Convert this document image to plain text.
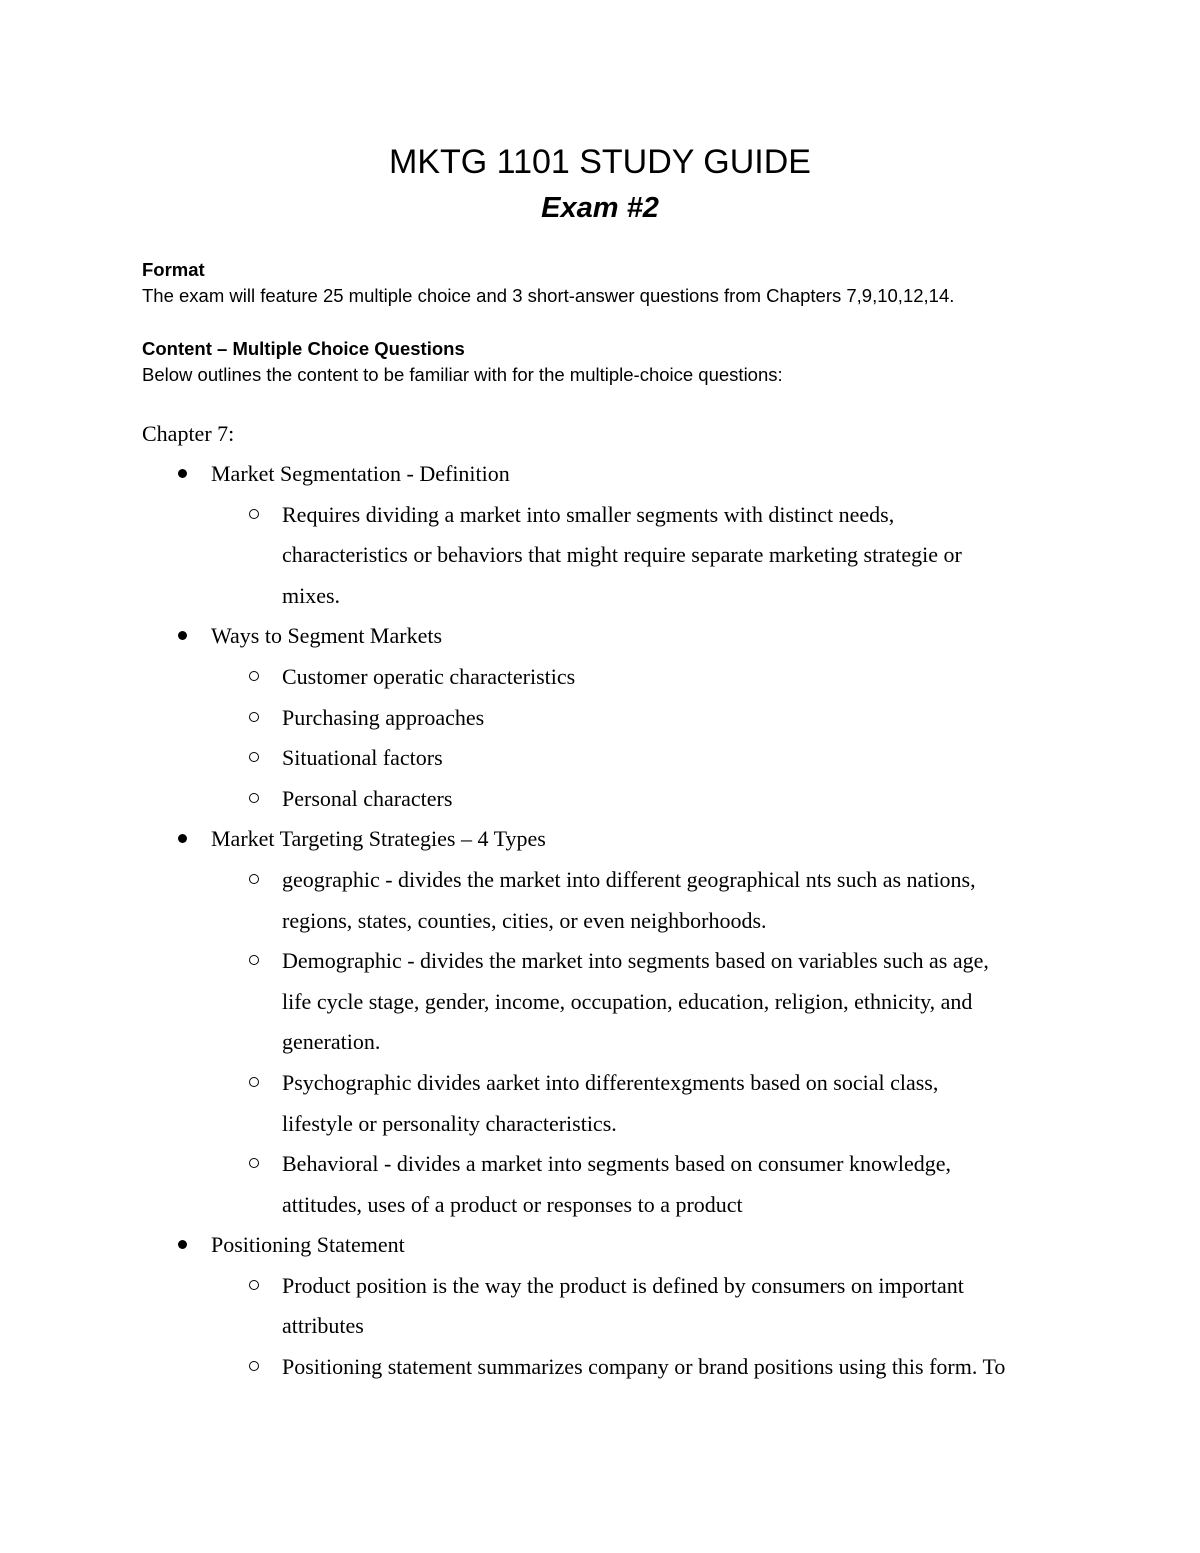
MKTG 1101 STUDY GUIDE
Exam #2
Format
The exam will feature 25 multiple choice and 3 short-answer questions from Chapters 7,9,10,12,14.
Content – Multiple Choice Questions
Below outlines the content to be familiar with for the multiple-choice questions:
Chapter 7:
Market Segmentation - Definition
Requires dividing a market into smaller segments with distinct needs,
characteristics or behaviors that might require separate marketing strategie or
mixes.
Ways to Segment Markets
Customer operatic characteristics
Purchasing approaches
Situational factors
Personal characters
Market Targeting Strategies – 4 Types
geographic - divides the market into different geographical nts such as nations,
regions, states, counties, cities, or even neighborhoods.
Demographic - divides the market into segments based on variables such as age,
life cycle stage, gender, income, occupation, education, religion, ethnicity, and
generation.
Psychographic divides aarket into differentexgments based on social class,
lifestyle or personality characteristics.
Behavioral - divides a market into segments based on consumer knowledge,
attitudes, uses of a product or responses to a product
Positioning Statement
Product position is the way the product is defined by consumers on important
attributes
Positioning statement summarizes company or brand positions using this form. To
